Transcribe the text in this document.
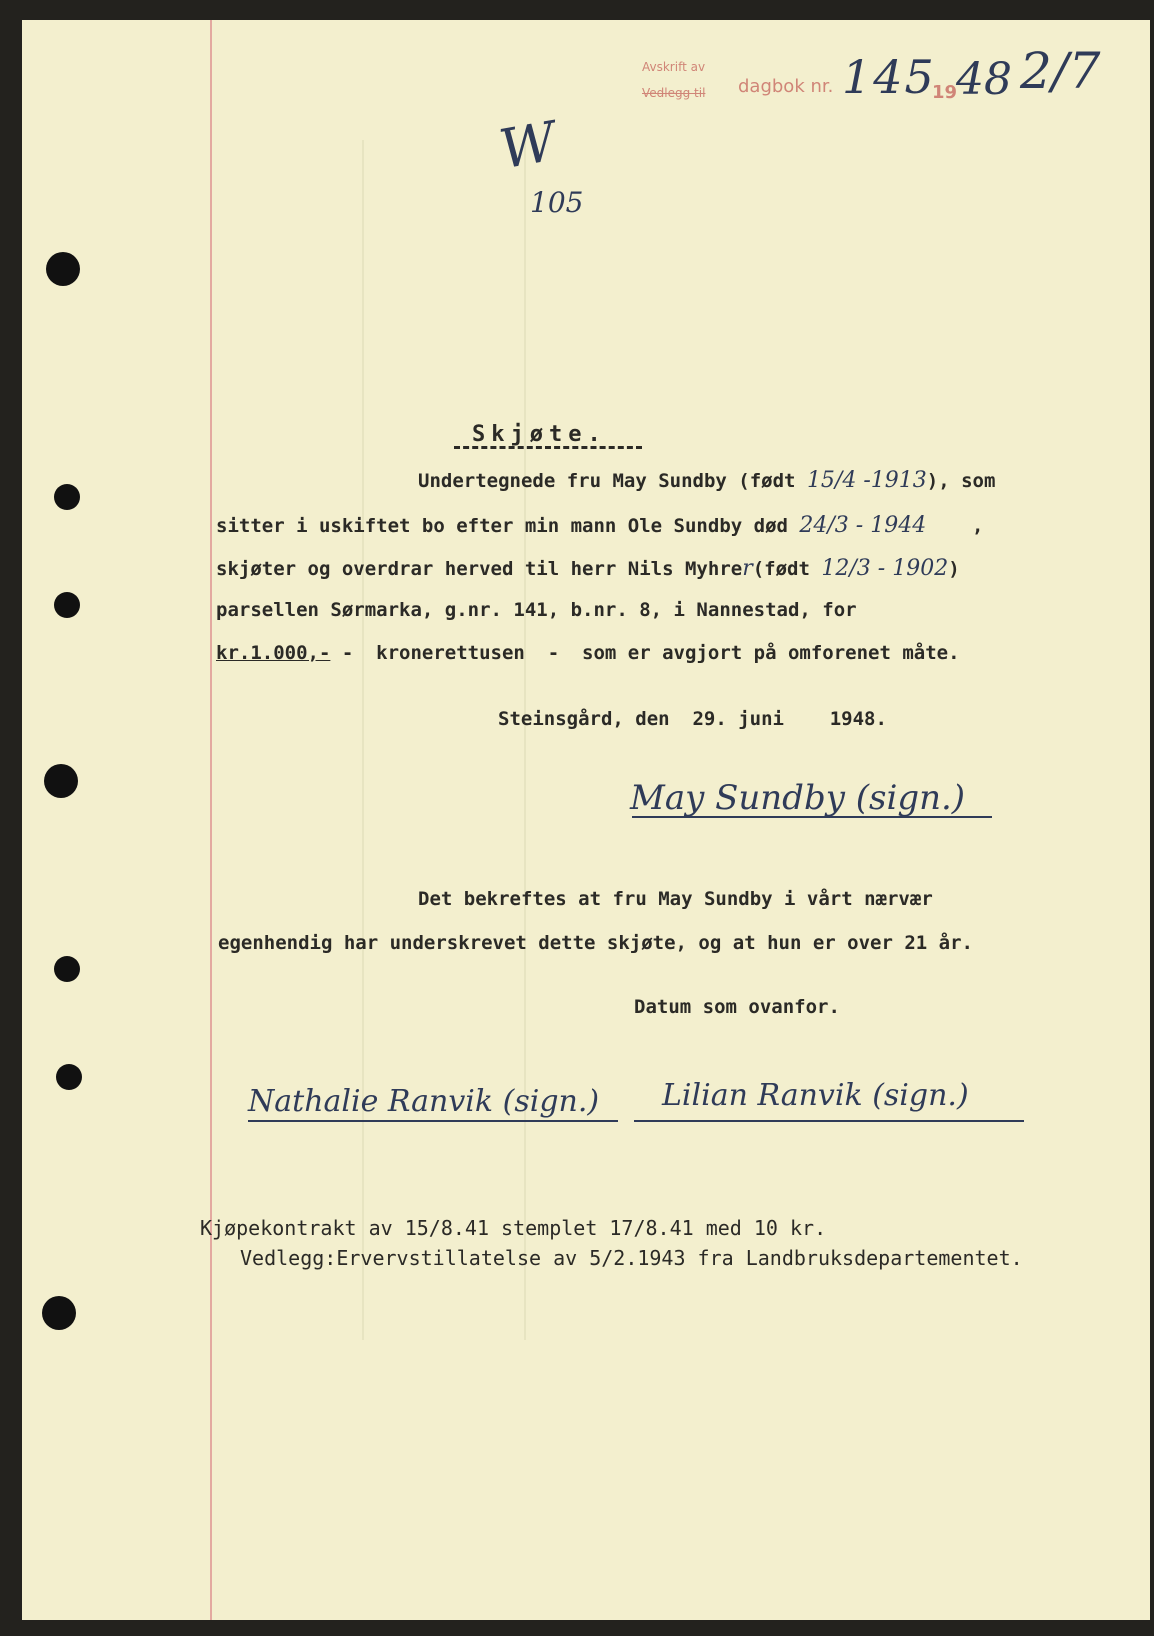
Avskrift av
Vedlegg til dagbok nr.	19
145 48 2/7
W
105
Skjøte.
Undertegnede fru May Sundby (født 15/4 -1913), som
sitter i uskiftet bo efter min mann Ole Sundby død 24/3 - 1944    ,
skjøter og overdrar herved til herr Nils Myhrer(født 12/3 - 1902)
parsellen Sørmarka, g.nr. 141, b.nr. 8, i Nannestad, for
kr.1.000,- -  kronerettusen  -  som er avgjort på omforenet måte.
Steinsgård, den  29. juni    1948.
May Sundby (sign.)
Det bekreftes at fru May Sundby i vårt nærvær
egenhendig har underskrevet dette skjøte, og at hun er over 21 år.
Datum som ovanfor.
Nathalie Ranvik (sign.) Lilian Ranvik (sign.)
Kjøpekontrakt av 15/8.41 stemplet 17/8.41 med 10 kr.
Vedlegg:Ervervstillatelse av 5/2.1943 fra Landbruksdepartementet.
